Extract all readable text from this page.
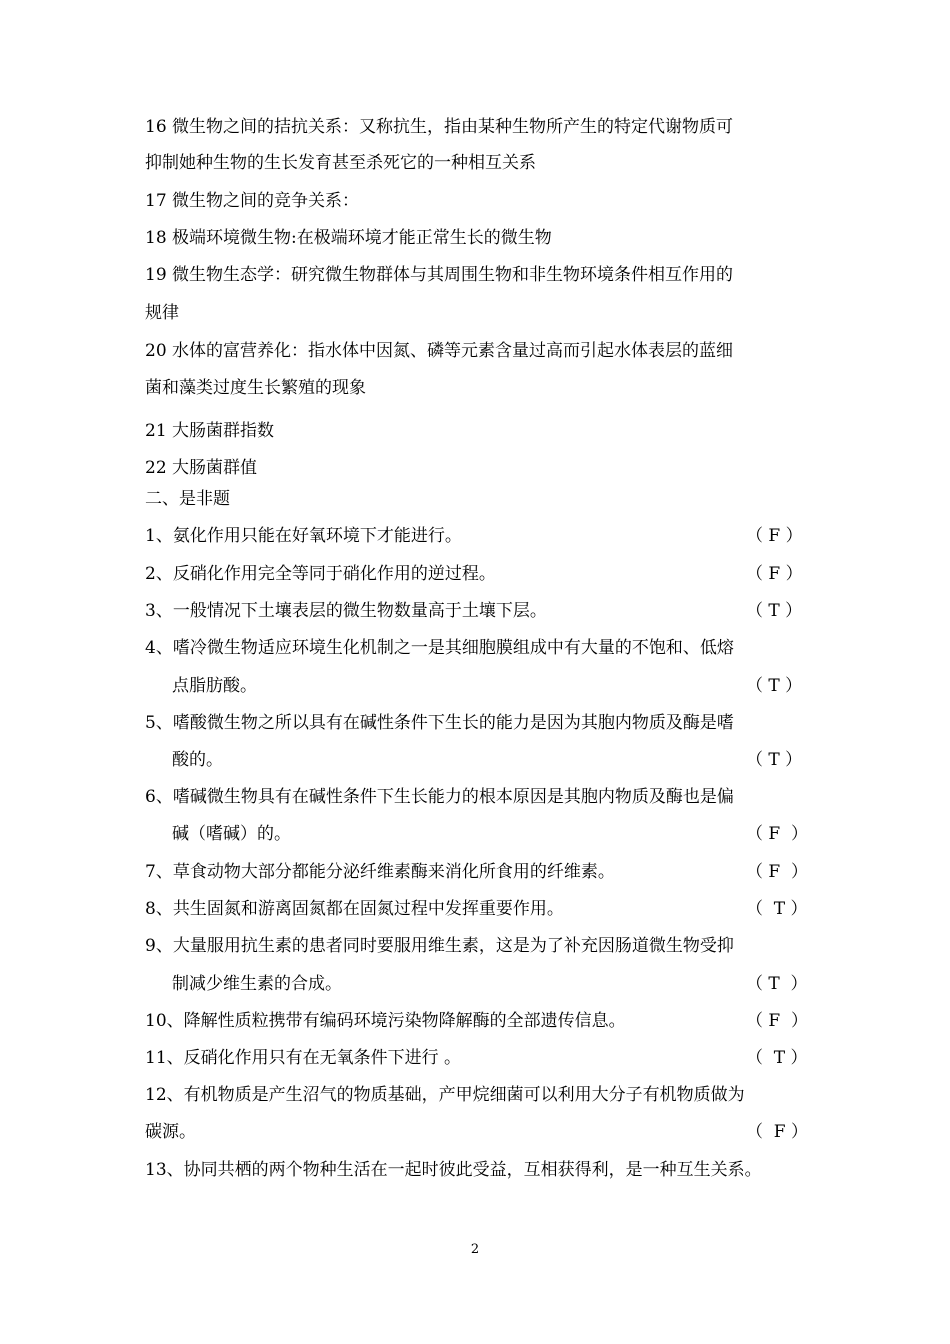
16 微生物之间的拮抗关系：又称抗生，指由某种生物所产生的特定代谢物质可
抑制她种生物的生长发育甚至杀死它的一种相互关系
17 微生物之间的竞争关系：
18 极端环境微生物:在极端环境才能正常生长的微生物
19 微生物生态学：研究微生物群体与其周围生物和非生物环境条件相互作用的
规律
20 水体的富营养化：指水体中因氮、磷等元素含量过高而引起水体表层的蓝细
菌和藻类过度生长繁殖的现象
21 大肠菌群指数
22 大肠菌群值
二、是非题
1、氨化作用只能在好氧环境下才能进行。	（ F ）
2、反硝化作用完全等同于硝化作用的逆过程。	（ F ）
3、一般情况下土壤表层的微生物数量高于土壤下层。	（ T ）
4、嗜冷微生物适应环境生化机制之一是其细胞膜组成中有大量的不饱和、低熔
点脂肪酸。	（ T ）
5、嗜酸微生物之所以具有在碱性条件下生长的能力是因为其胞内物质及酶是嗜
酸的。	（ T ）
6、嗜碱微生物具有在碱性条件下生长能力的根本原因是其胞内物质及酶也是偏
碱（嗜碱）的。	（ F  ）
7、草食动物大部分都能分泌纤维素酶来消化所食用的纤维素。	（ F  ）
8、共生固氮和游离固氮都在固氮过程中发挥重要作用。	（  T ）
9、大量服用抗生素的患者同时要服用维生素，这是为了补充因肠道微生物受抑
制减少维生素的合成。	（ T  ）
10、降解性质粒携带有编码环境污染物降解酶的全部遗传信息。	（ F  ）
11、反硝化作用只有在无氧条件下进行 。	（  T ）
12、有机物质是产生沼气的物质基础，产甲烷细菌可以利用大分子有机物质做为
碳源。	（  F ）
13、协同共栖的两个物种生活在一起时彼此受益，互相获得利，是一种互生关系。
2
